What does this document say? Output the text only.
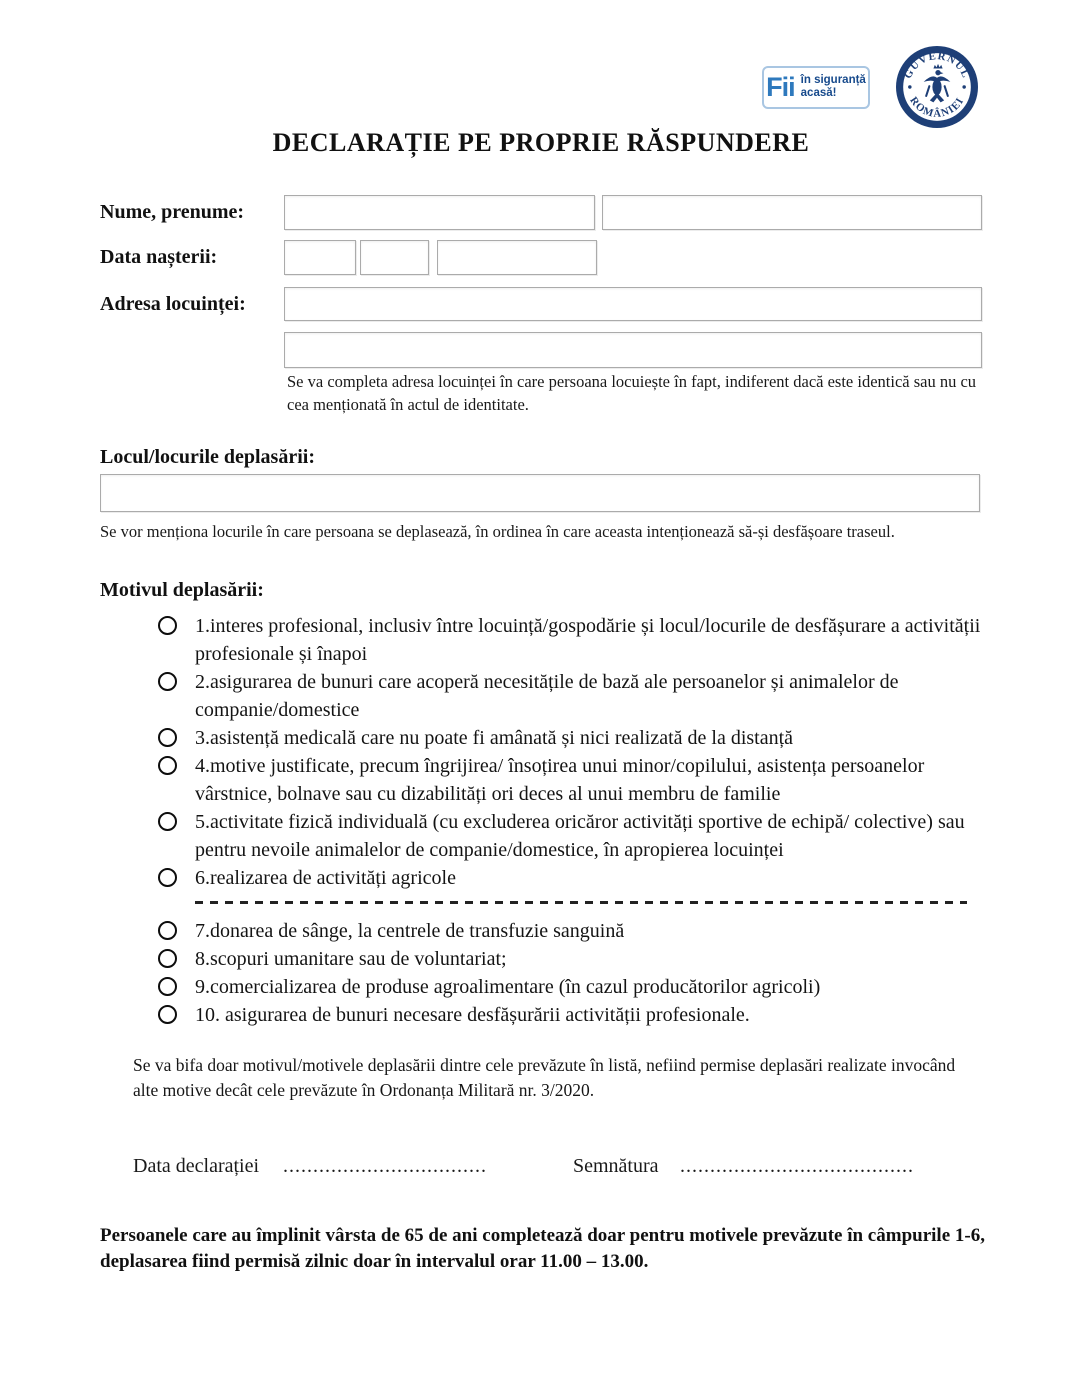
Fii în siguranță
acasă!
GUVERNUL
ROMÂNIEI
DECLARAȚIE PE PROPRIE RĂSPUNDERE
Nume, prenume:
Data nașterii:
Adresa locuinței:

Se va completa adresa locuinței în care persoana locuiește în fapt, indiferent dacă este identică sau nu cu cea menționată în actul de identitate.

Locul/locurile deplasării:

Se vor menționa locurile în care persoana se deplasează, în ordinea în care aceasta intenționează să-și desfășoare traseul.

Motivul deplasării:
1.interes profesional, inclusiv între locuință/gospodărie și locul/locurile de desfășurare a activității profesionale și înapoi
2.asigurarea de bunuri care acoperă necesitățile de bază ale persoanelor și animalelor de companie/domestice
3.asistență medicală care nu poate fi amânată și nici realizată de la distanță
4.motive justificate, precum îngrijirea/ însoțirea unui minor/copilului, asistența persoanelor vârstnice, bolnave sau cu dizabilități ori deces al unui membru de familie
5.activitate fizică individuală (cu excluderea oricăror activități sportive de echipă/ colective) sau pentru nevoile animalelor de companie/domestice, în apropierea locuinței
6.realizarea de activități agricole
7.donarea de sânge, la centrele de transfuzie sanguină
8.scopuri umanitare sau de voluntariat;
9.comercializarea de produse agroalimentare (în cazul producătorilor agricoli)
10. asigurarea de bunuri necesare desfășurării activității profesionale.

Se va bifa doar motivul/motivele deplasării dintre cele prevăzute în listă, nefiind permise deplasări realizate invocând alte motive decât cele prevăzute în Ordonanța Militară nr. 3/2020.

Data declarației ..................................	Semnătura .......................................

Persoanele care au împlinit vârsta de 65 de ani completează doar pentru motivele prevăzute în câmpurile 1-6, deplasarea fiind permisă zilnic doar în intervalul orar 11.00 – 13.00.
